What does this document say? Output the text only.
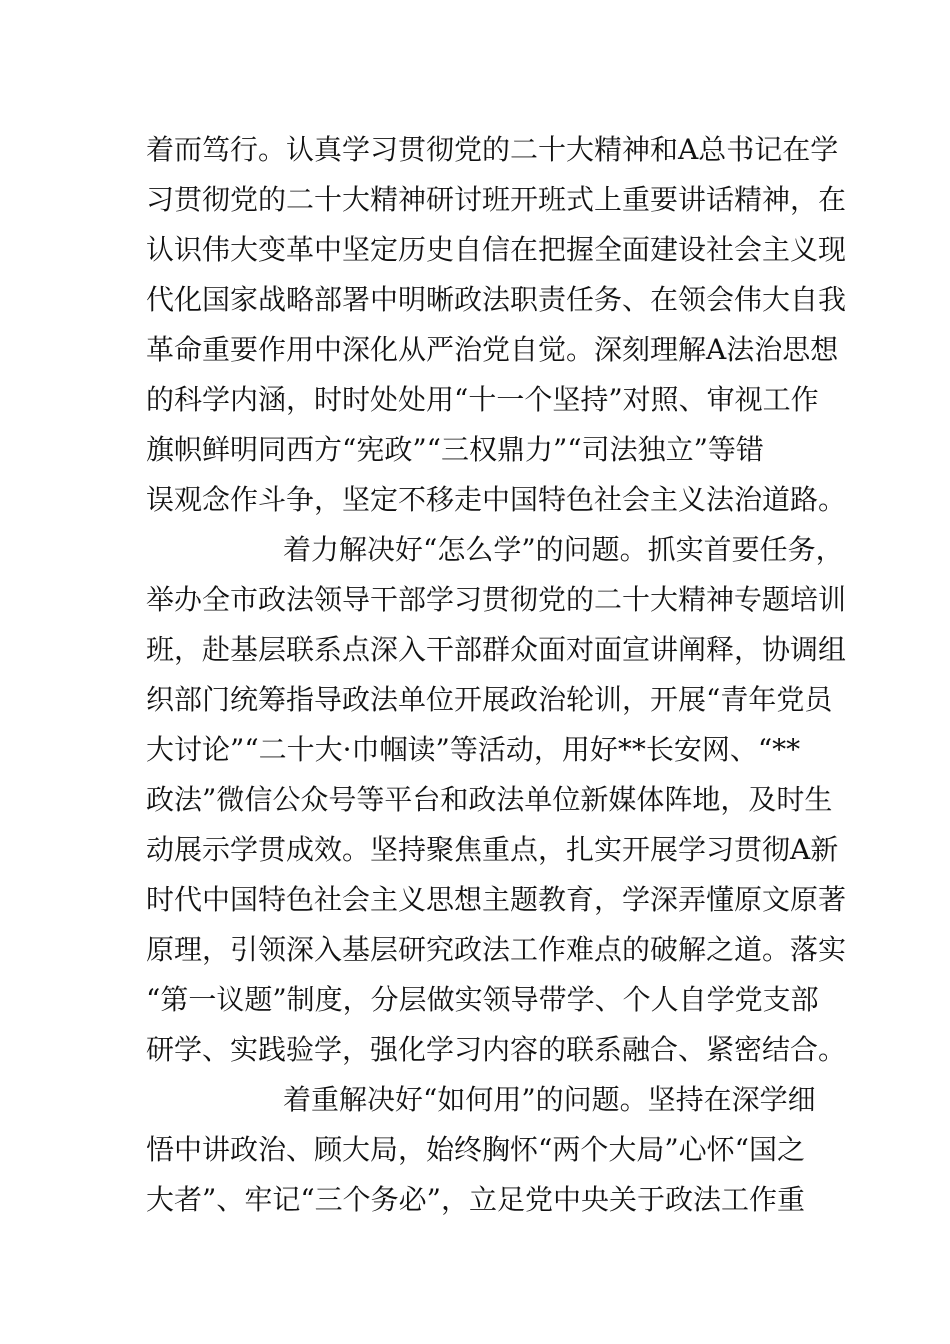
着而笃行。认真学习贯彻党的二十大精神和A总书记在学
习贯彻党的二十大精神研讨班开班式上重要讲话精神，在
认识伟大变革中坚定历史自信在把握全面建设社会主义现
代化国家战略部署中明晰政法职责任务、在领会伟大自我
革命重要作用中深化从严治党自觉。深刻理解A法治思想
的科学内涵，时时处处用“十一个坚持”对照、审视工作
旗帜鲜明同西方“宪政”“三权鼎力”“司法独立”等错
误观念作斗争，坚定不移走中国特色社会主义法治道路。
着力解决好“怎么学”的问题。抓实首要任务，
举办全市政法领导干部学习贯彻党的二十大精神专题培训
班，赴基层联系点深入干部群众面对面宣讲阐释，协调组
织部门统筹指导政法单位开展政治轮训，开展“青年党员
大讨论”“二十大·巾帼读”等活动，用好**长安网、“**
政法”微信公众号等平台和政法单位新媒体阵地，及时生
动展示学贯成效。坚持聚焦重点，扎实开展学习贯彻A新
时代中国特色社会主义思想主题教育，学深弄懂原文原著
原理，引领深入基层研究政法工作难点的破解之道。落实
“第一议题”制度，分层做实领导带学、个人自学党支部
研学、实践验学，强化学习内容的联系融合、紧密结合。
着重解决好“如何用”的问题。坚持在深学细
悟中讲政治、顾大局，始终胸怀“两个大局”心怀“国之
大者”、牢记“三个务必”，立足党中央关于政法工作重
